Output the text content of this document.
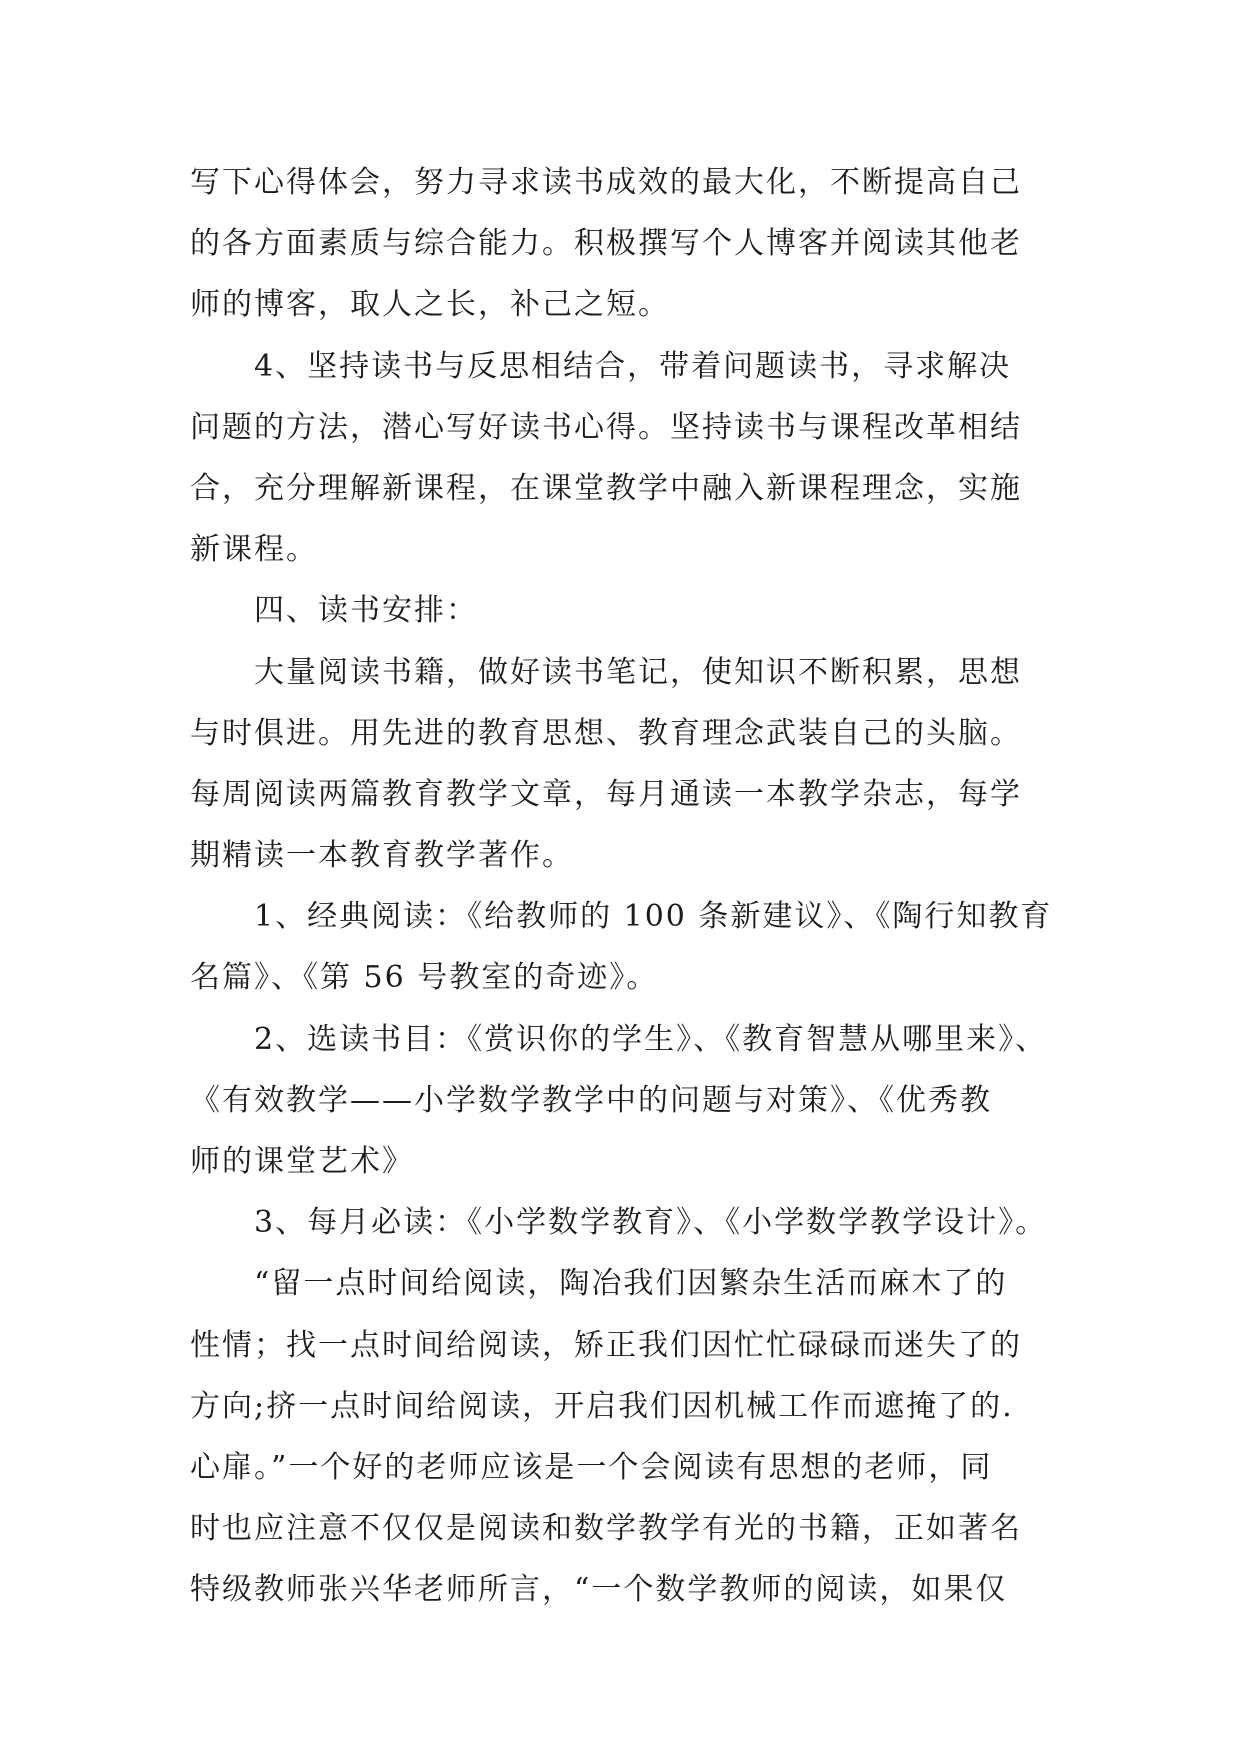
写下心得体会，努力寻求读书成效的最大化，不断提高自己
的各方面素质与综合能力。积极撰写个人博客并阅读其他老
师的博客，取人之长，补己之短。
4、坚持读书与反思相结合，带着问题读书，寻求解决
问题的方法，潜心写好读书心得。坚持读书与课程改革相结
合，充分理解新课程，在课堂教学中融入新课程理念，实施
新课程。
四、读书安排：
大量阅读书籍，做好读书笔记，使知识不断积累，思想
与时俱进。用先进的教育思想、教育理念武装自己的头脑。
每周阅读两篇教育教学文章，每月通读一本教学杂志，每学
期精读一本教育教学著作。
1、经典阅读：《给教师的 100 条新建议》、《陶行知教育
名篇》、《第 56 号教室的奇迹》。
2、选读书目：《赏识你的学生》、《教育智慧从哪里来》、
《有效教学——小学数学教学中的问题与对策》、《优秀教
师的课堂艺术》
3、每月必读：《小学数学教育》、《小学数学教学设计》。
“留一点时间给阅读，陶冶我们因繁杂生活而麻木了的
性情；找一点时间给阅读，矫正我们因忙忙碌碌而迷失了的
方向;挤一点时间给阅读，开启我们因机械工作而遮掩了的.
心扉。”一个好的老师应该是一个会阅读有思想的老师，同
时也应注意不仅仅是阅读和数学教学有光的书籍，正如著名
特级教师张兴华老师所言，“一个数学教师的阅读，如果仅
